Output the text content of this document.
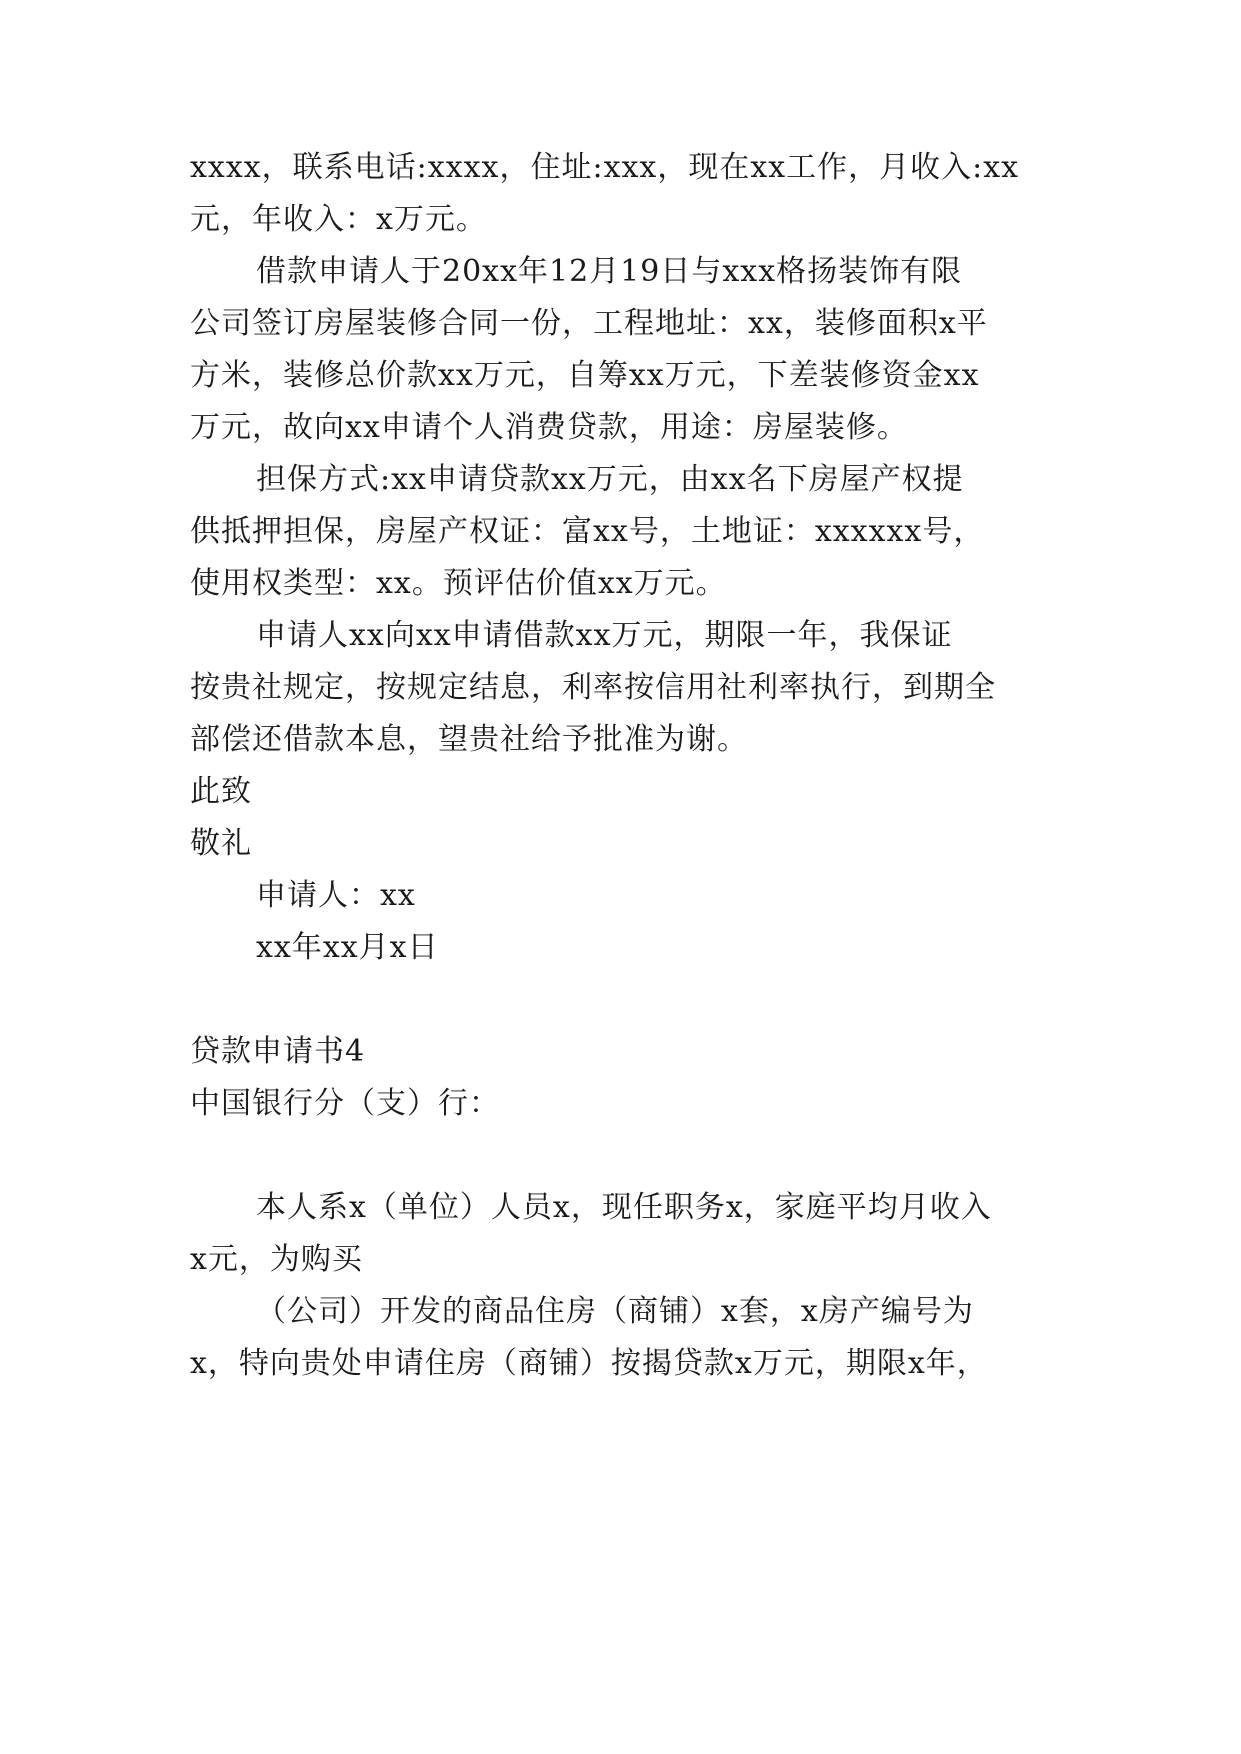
xxxx，联系电话:xxxx，住址:xxx，现在xx工作，月收入:xx
元，年收入：x万元。
借款申请人于20xx年12月19日与xxx格扬装饰有限
公司签订房屋装修合同一份，工程地址：xx，装修面积x平
方米，装修总价款xx万元，自筹xx万元，下差装修资金xx
万元，故向xx申请个人消费贷款，用途：房屋装修。
担保方式:xx申请贷款xx万元，由xx名下房屋产权提
供抵押担保，房屋产权证：富xx号，土地证：xxxxxx号，
使用权类型：xx。预评估价值xx万元。
申请人xx向xx申请借款xx万元，期限一年，我保证
按贵社规定，按规定结息，利率按信用社利率执行，到期全
部偿还借款本息，望贵社给予批准为谢。
此致
敬礼
申请人：xx
xx年xx月x日
贷款申请书4
中国银行分（支）行：
本人系x（单位）人员x，现任职务x，家庭平均月收入
x元，为购买
（公司）开发的商品住房（商铺）x套，x房产编号为
x，特向贵处申请住房（商铺）按揭贷款x万元，期限x年，
